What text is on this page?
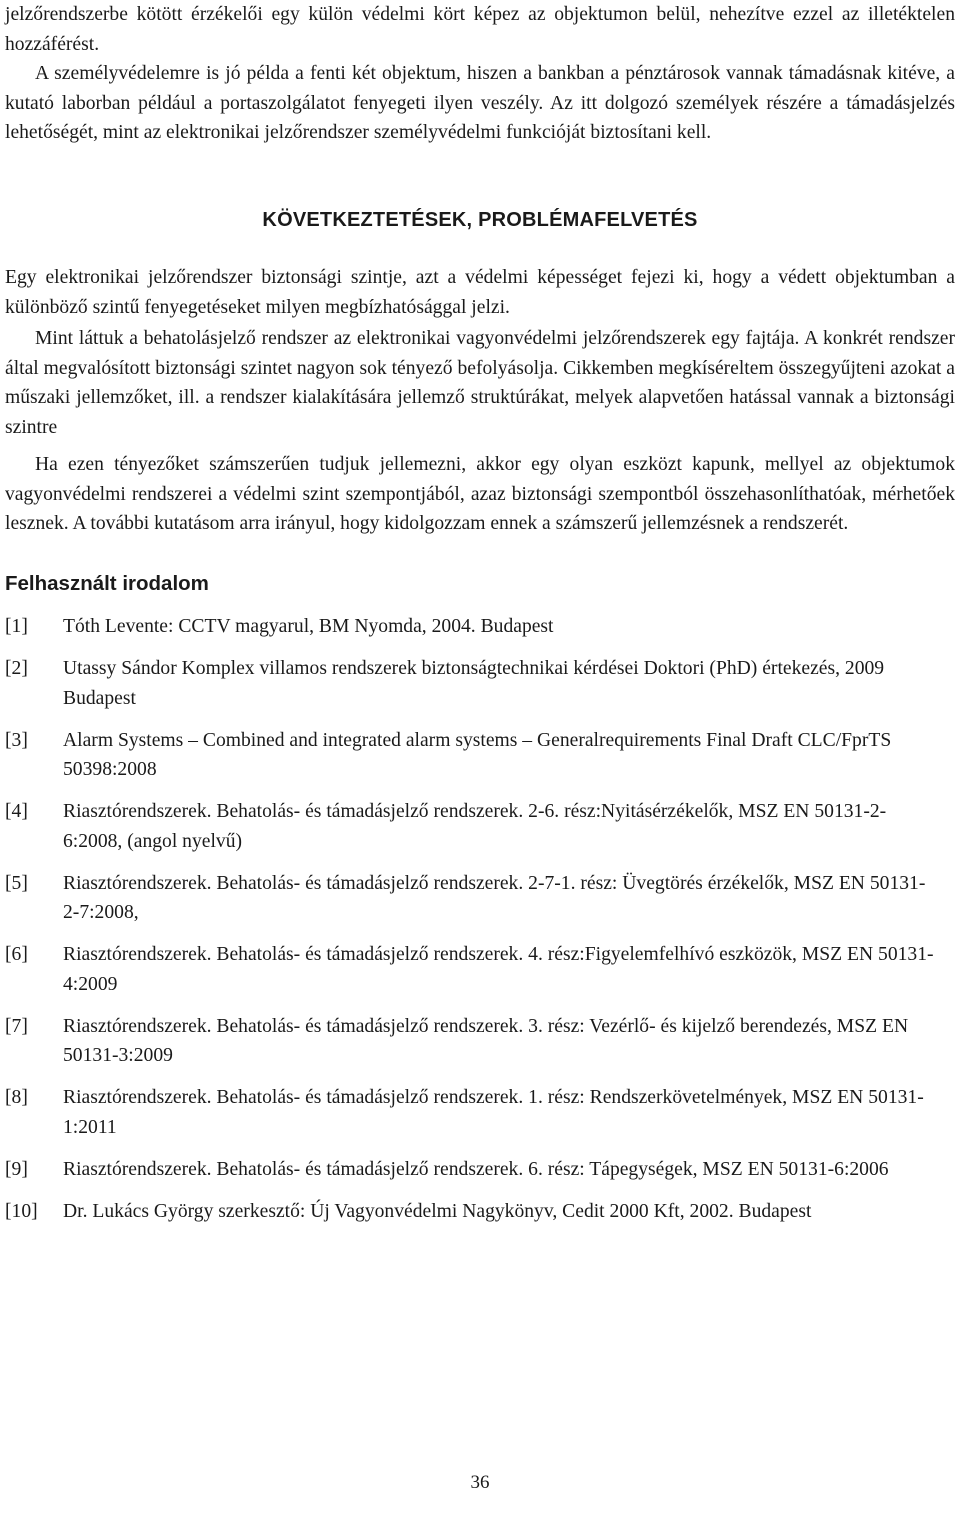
jelzőrendszerbe kötött érzékelői egy külön védelmi kört képez az objektumon belül, nehezítve ezzel az illetéktelen hozzáférést.

A személyvédelemre is jó példa a fenti két objektum, hiszen a bankban a pénztárosok vannak támadásnak kitéve, a kutató laborban például a portaszolgálatot fenyegeti ilyen veszély. Az itt dolgozó személyek részére a támadásjelzés lehetőségét, mint az elektronikai jelzőrendszer személyvédelmi funkcióját biztosítani kell.

KÖVETKEZTETÉSEK, PROBLÉMAFELVETÉS

Egy elektronikai jelzőrendszer biztonsági szintje, azt a védelmi képességet fejezi ki, hogy a védett objektumban a különböző szintű fenyegetéseket milyen megbízhatósággal jelzi.

Mint láttuk a behatolásjelző rendszer az elektronikai vagyonvédelmi jelzőrendszerek egy fajtája. A konkrét rendszer által megvalósított biztonsági szintet nagyon sok tényező befolyásolja. Cikkemben megkíséreltem összegyűjteni azokat a műszaki jellemzőket, ill. a rendszer kialakítására jellemző struktúrákat, melyek alapvetően hatással vannak a biztonsági szintre

Ha ezen tényezőket számszerűen tudjuk jellemezni, akkor egy olyan eszközt kapunk, mellyel az objektumok vagyonvédelmi rendszerei a védelmi szint szempontjából, azaz biztonsági szempontból összehasonlíthatóak, mérhetőek lesznek. A további kutatásom arra irányul, hogy kidolgozzam ennek a számszerű jellemzésnek a rendszerét.

Felhasznált irodalom
[1]	Tóth Levente: CCTV magyarul, BM Nyomda, 2004. Budapest
[2]	Utassy Sándor Komplex villamos rendszerek biztonságtechnikai kérdései Doktori (PhD) értekezés, 2009 Budapest
[3]	Alarm Systems – Combined and integrated alarm systems – Generalrequirements Final Draft CLC/FprTS 50398:2008
[4]	Riasztórendszerek. Behatolás- és támadásjelző rendszerek. 2-6. rész:Nyitásérzékelők, MSZ EN 50131-2-6:2008, (angol nyelvű)
[5]	Riasztórendszerek. Behatolás- és támadásjelző rendszerek. 2-7-1. rész: Üvegtörés érzékelők, MSZ EN 50131-2-7:2008,
[6]	Riasztórendszerek. Behatolás- és támadásjelző rendszerek. 4. rész:Figyelemfelhívó eszközök, MSZ EN 50131-4:2009
[7]	Riasztórendszerek. Behatolás- és támadásjelző rendszerek. 3. rész: Vezérlő- és kijelző berendezés, MSZ EN 50131-3:2009
[8]	Riasztórendszerek. Behatolás- és támadásjelző rendszerek. 1. rész: Rendszerkövetelmények, MSZ EN 50131-1:2011
[9]	Riasztórendszerek. Behatolás- és támadásjelző rendszerek. 6. rész: Tápegységek, MSZ EN 50131-6:2006
[10]	Dr. Lukács György szerkesztő: Új Vagyonvédelmi Nagykönyv, Cedit 2000 Kft, 2002. Budapest
36
